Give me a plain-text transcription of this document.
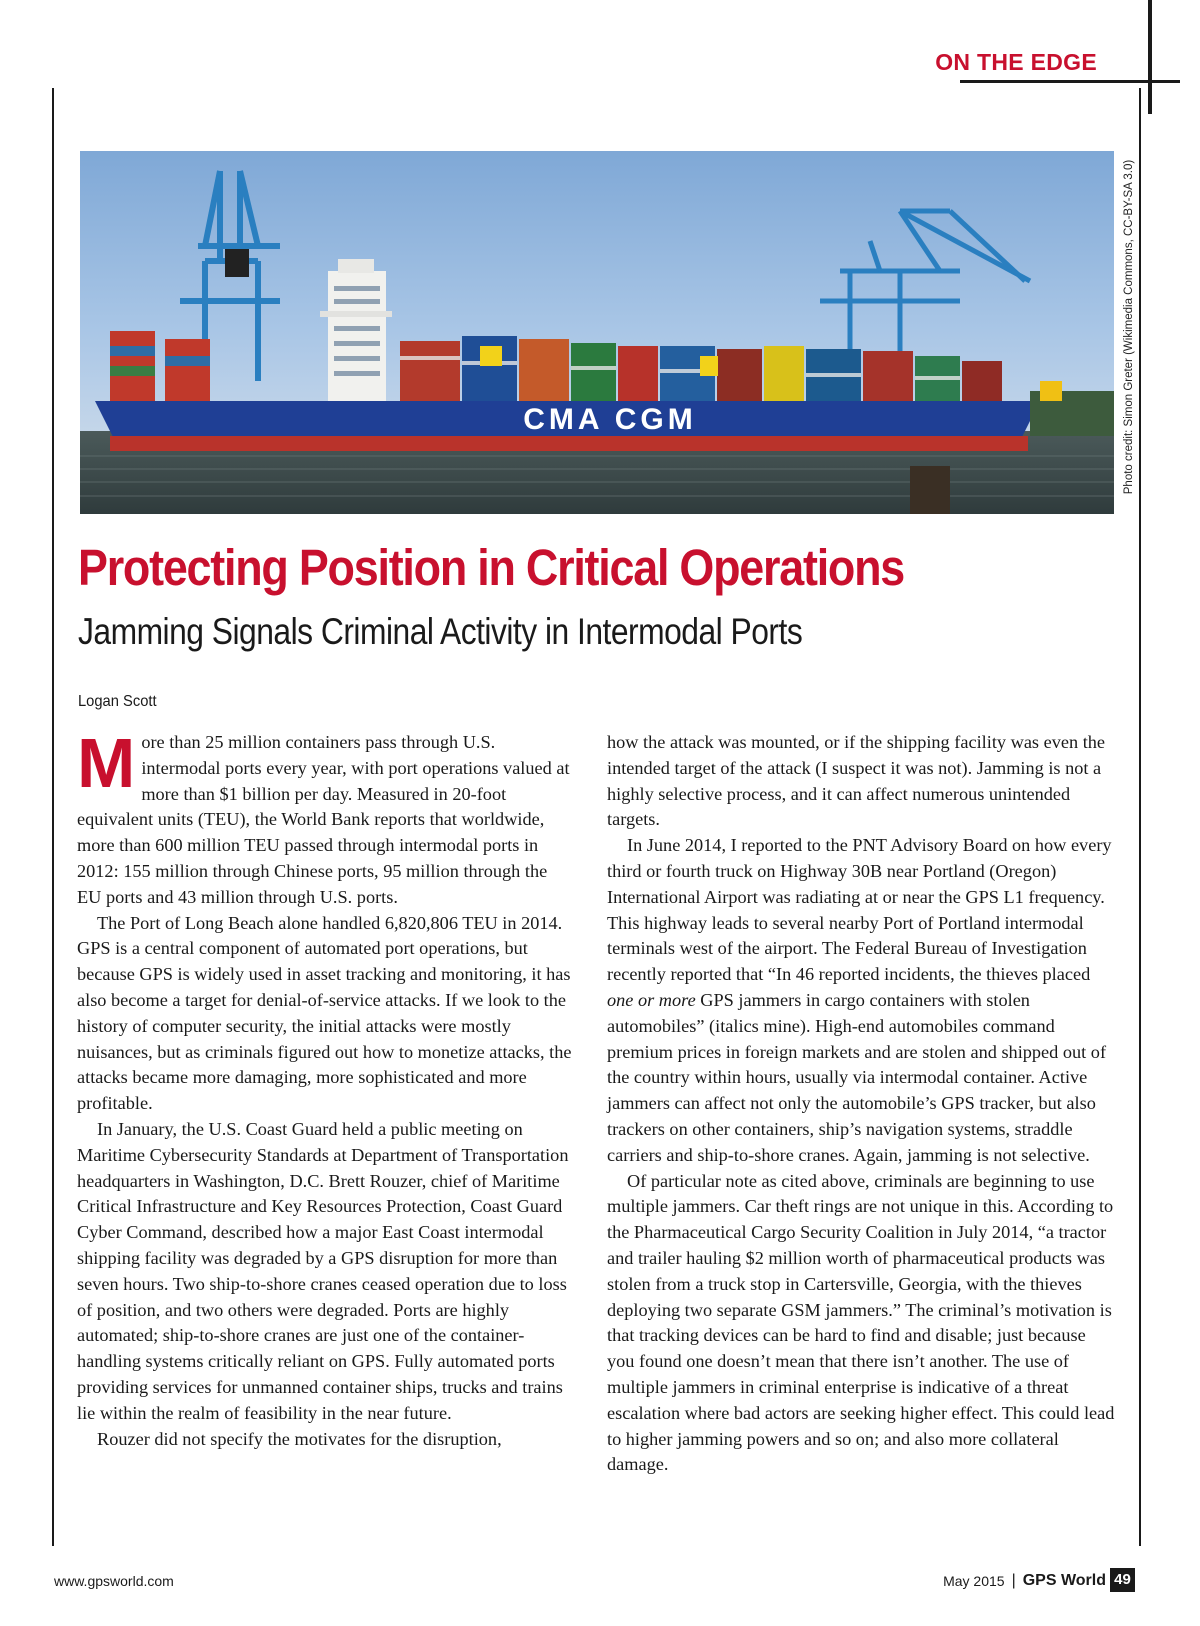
ON THE EDGE
CMA CGM	Photo credit: Simon Greter (Wikimedia Commons, CC-BY-SA 3.0)
Protecting Position in Critical Operations
Jamming Signals Criminal Activity in Intermodal Ports
Logan Scott

More than 25 million containers pass through U.S. intermodal ports every year, with port operations valued at more than $1 billion per day. Measured in 20-foot equivalent units (TEU), the World Bank reports that worldwide, more than 600 million TEU passed through intermodal ports in 2012: 155 million through Chinese ports, 95 million through the EU ports and 43 million through U.S. ports.

The Port of Long Beach alone handled 6,820,806 TEU in 2014. GPS is a central component of automated port operations, but because GPS is widely used in asset tracking and monitoring, it has also become a target for denial-of-service attacks. If we look to the history of computer security, the initial attacks were mostly nuisances, but as criminals figured out how to monetize attacks, the attacks became more damaging, more sophisticated and more profitable.

In January, the U.S. Coast Guard held a public meeting on Maritime Cybersecurity Standards at Department of Transportation headquarters in Washington, D.C. Brett Rouzer, chief of Maritime Critical Infrastructure and Key Resources Protection, Coast Guard Cyber Command, described how a major East Coast intermodal shipping facility was degraded by a GPS disruption for more than seven hours. Two ship-to-shore cranes ceased operation due to loss of position, and two others were degraded. Ports are highly automated; ship-to-shore cranes are just one of the container-handling systems critically reliant on GPS. Fully automated ports providing services for unmanned container ships, trucks and trains lie within the realm of feasibility in the near future.

Rouzer did not specify the motivates for the disruption,

how the attack was mounted, or if the shipping facility was even the intended target of the attack (I suspect it was not). Jamming is not a highly selective process, and it can affect numerous unintended targets.

In June 2014, I reported to the PNT Advisory Board on how every third or fourth truck on Highway 30B near Portland (Oregon) International Airport was radiating at or near the GPS L1 frequency. This highway leads to several nearby Port of Portland intermodal terminals west of the airport. The Federal Bureau of Investigation recently reported that “In 46 reported incidents, the thieves placed one or more GPS jammers in cargo containers with stolen automobiles” (italics mine). High-end automobiles command premium prices in foreign markets and are stolen and shipped out of the country within hours, usually via intermodal container. Active jammers can affect not only the automobile’s GPS tracker, but also trackers on other containers, ship’s navigation systems, straddle carriers and ship-to-shore cranes. Again, jamming is not selective.

Of particular note as cited above, criminals are beginning to use multiple jammers. Car theft rings are not unique in this. According to the Pharmaceutical Cargo Security Coalition in July 2014, “a tractor and trailer hauling $2 million worth of pharmaceutical products was stolen from a truck stop in Cartersville, Georgia, with the thieves deploying two separate GSM jammers.” The criminal’s motivation is that tracking devices can be hard to find and disable; just because you found one doesn’t mean that there isn’t another. The use of multiple jammers in criminal enterprise is indicative of a threat escalation where bad actors are seeking higher effect. This could lead to higher jamming powers and so on; and also more collateral damage.

www.gpsworld.com	May 2015 | GPS World 49
